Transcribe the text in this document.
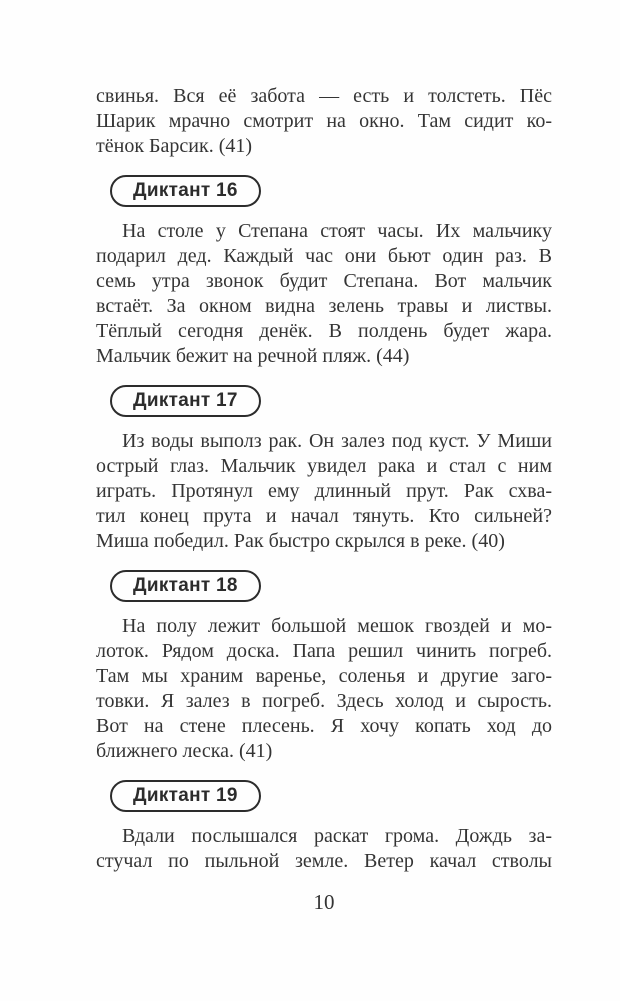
свинья. Вся её забота — есть и толстеть. Пёс
Шарик мрачно смотрит на окно. Там сидит ко-
тёнок Барсик. (41)
Диктант 16
На столе у Степана стоят часы. Их мальчику
подарил дед. Каждый час они бьют один раз. В
семь утра звонок будит Степана. Вот мальчик
встаёт. За окном видна зелень травы и листвы.
Тёплый сегодня денёк. В полдень будет жара.
Мальчик бежит на речной пляж. (44)
Диктант 17
Из воды выполз рак. Он залез под куст. У Миши
острый глаз. Мальчик увидел рака и стал с ним
играть. Протянул ему длинный прут. Рак схва-
тил конец прута и начал тянуть. Кто сильней?
Миша победил. Рак быстро скрылся в реке. (40)
Диктант 18
На полу лежит большой мешок гвоздей и мо-
лоток. Рядом доска. Папа решил чинить погреб.
Там мы храним варенье, соленья и другие заго-
товки. Я залез в погреб. Здесь холод и сырость.
Вот на стене плесень. Я хочу копать ход до
ближнего леска. (41)
Диктант 19
Вдали послышался раскат грома. Дождь за-
стучал по пыльной земле. Ветер качал стволы
10
